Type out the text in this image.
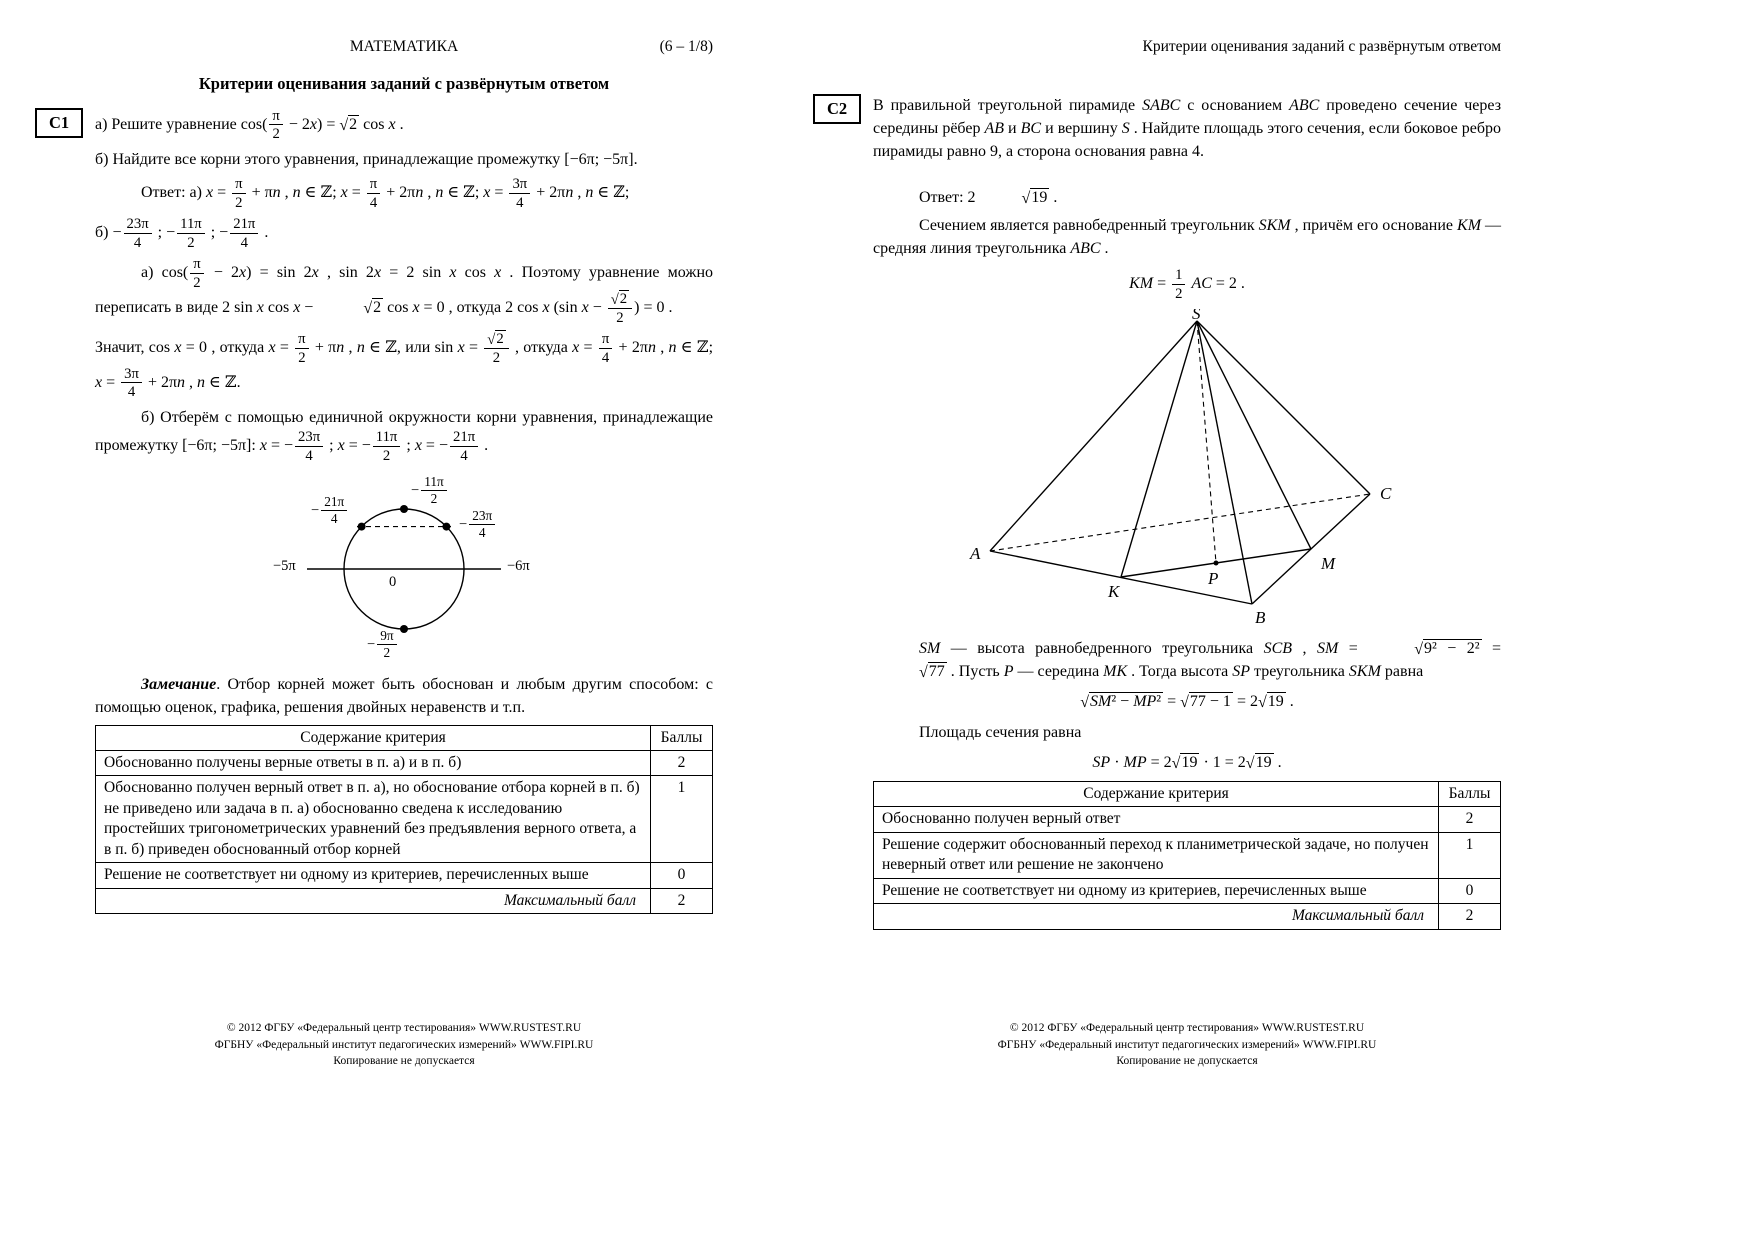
МАТЕМАТИКА	(6 – 1/8)
Критерии оценивания заданий с развёрнутым ответом
С1	а) Решите уравнение $\cos( \frac{\pi}{2} - 2x) = √2$ cos x .

б) Найдите все корни этого уравнения, принадлежащие промежутку [−6π; −5π].

Ответ: а) $x = \frac{\pi}{2} + \pi n$ , n ∈ ℤ; $x = \frac{\pi}{4} + 2\pi n$ , n ∈ ℤ; $x = \frac{3\pi}{4} + 2\pi n$ , n ∈ ℤ;

$б) - \frac{23\pi}{4}$ ; − $\frac{11\pi}{2}$ ; − $\frac{21\pi}{4}$ .

а) $\cos( \frac{\pi}{2} - 2x) = \sin 2x$ , sin 2x = 2 sin x cos x . Поэтому уравнение можно переписать в виде 2 sin x cos x −	√2 cos x = 0 , откуда 2 cos x (sin $x - \frac{√2}{2}$ ) = 0 .

Значит, cos x = 0 , откуда $x = \frac{\pi}{2} + \pi n$ , n ∈ ℤ, или $\sin x = \frac{√2}{2}$ , откуда $x = \frac{\pi}{4} + 2\pi n$ , n ∈ ℤ; $x = \frac{3\pi}{4} + 2\pi n$ , n ∈ ℤ.

б) Отберём с помощью единичной окружности корни уравнения, принадлежащие промежутку [−6π; −5π]: x = − $\frac{23\pi}{4}$ ; x = − $\frac{11\pi}{2}$ ; x = − $\frac{21\pi}{4}$ .

− $\frac{21\pi}{4}$
− $\frac{11\pi}{2}$
− $\frac{23\pi}{4}$
−5π	−6π
0
− $\frac{9\pi}{2}$

Замечание. Отбор корней может быть обоснован и любым другим способом: с помощью оценок, графика, решения двойных неравенств и т.п.

Содержание критерия	Баллы
Обоснованно получены верные ответы в п. а) и в п. б)	2
Обоснованно получен верный ответ в п. а), но обоснование отбора корней в п. б) не приведено или задача в п. а) обоснованно сведена к исследованию простейших тригонометрических уравнений без предъявления верного ответа, а в п. б) приведен обоснованный отбор корней	1
Решение не соответствует ни одному из критериев, перечисленных выше	0
Максимальный балл	2
© 2012 ФГБУ «Федеральный центр тестирования» WWW.RUSTEST.RU
ФГБНУ «Федеральный институт педагогических измерений» WWW.FIPI.RU
Копирование не допускается
Критерии оценивания заданий с развёрнутым ответом
С2	В правильной треугольной пирамиде SABC с основанием ABC проведено сечение через середины рёбер AB и BC и вершину S . Найдите площадь этого сечения, если боковое ребро пирамиды равно 9, а сторона основания равна 4.

Ответ: 2	√19 .

Сечением является равнобедренный треугольник SKM , причём его основание KM — средняя линия треугольника ABC .

KM = $\frac{1}{2}$ AC = 2 .

S
A
C
B
K
M
P

SM — высота равнобедренного треугольника SCB , SM =	√9² − 2² = √77 . Пусть P — середина MK . Тогда высота SP треугольника SKM равна

√SM² − MP² = √77 − 1 = 2√19 .

Площадь сечения равна

SP · MP = 2√19 · 1 = 2√19 .

Содержание критерия	Баллы
Обоснованно получен верный ответ	2
Решение содержит обоснованный переход к планиметрической задаче, но получен неверный ответ или решение не закончено	1
Решение не соответствует ни одному из критериев, перечисленных выше	0
Максимальный балл	2
© 2012 ФГБУ «Федеральный центр тестирования» WWW.RUSTEST.RU
ФГБНУ «Федеральный институт педагогических измерений» WWW.FIPI.RU
Копирование не допускается
